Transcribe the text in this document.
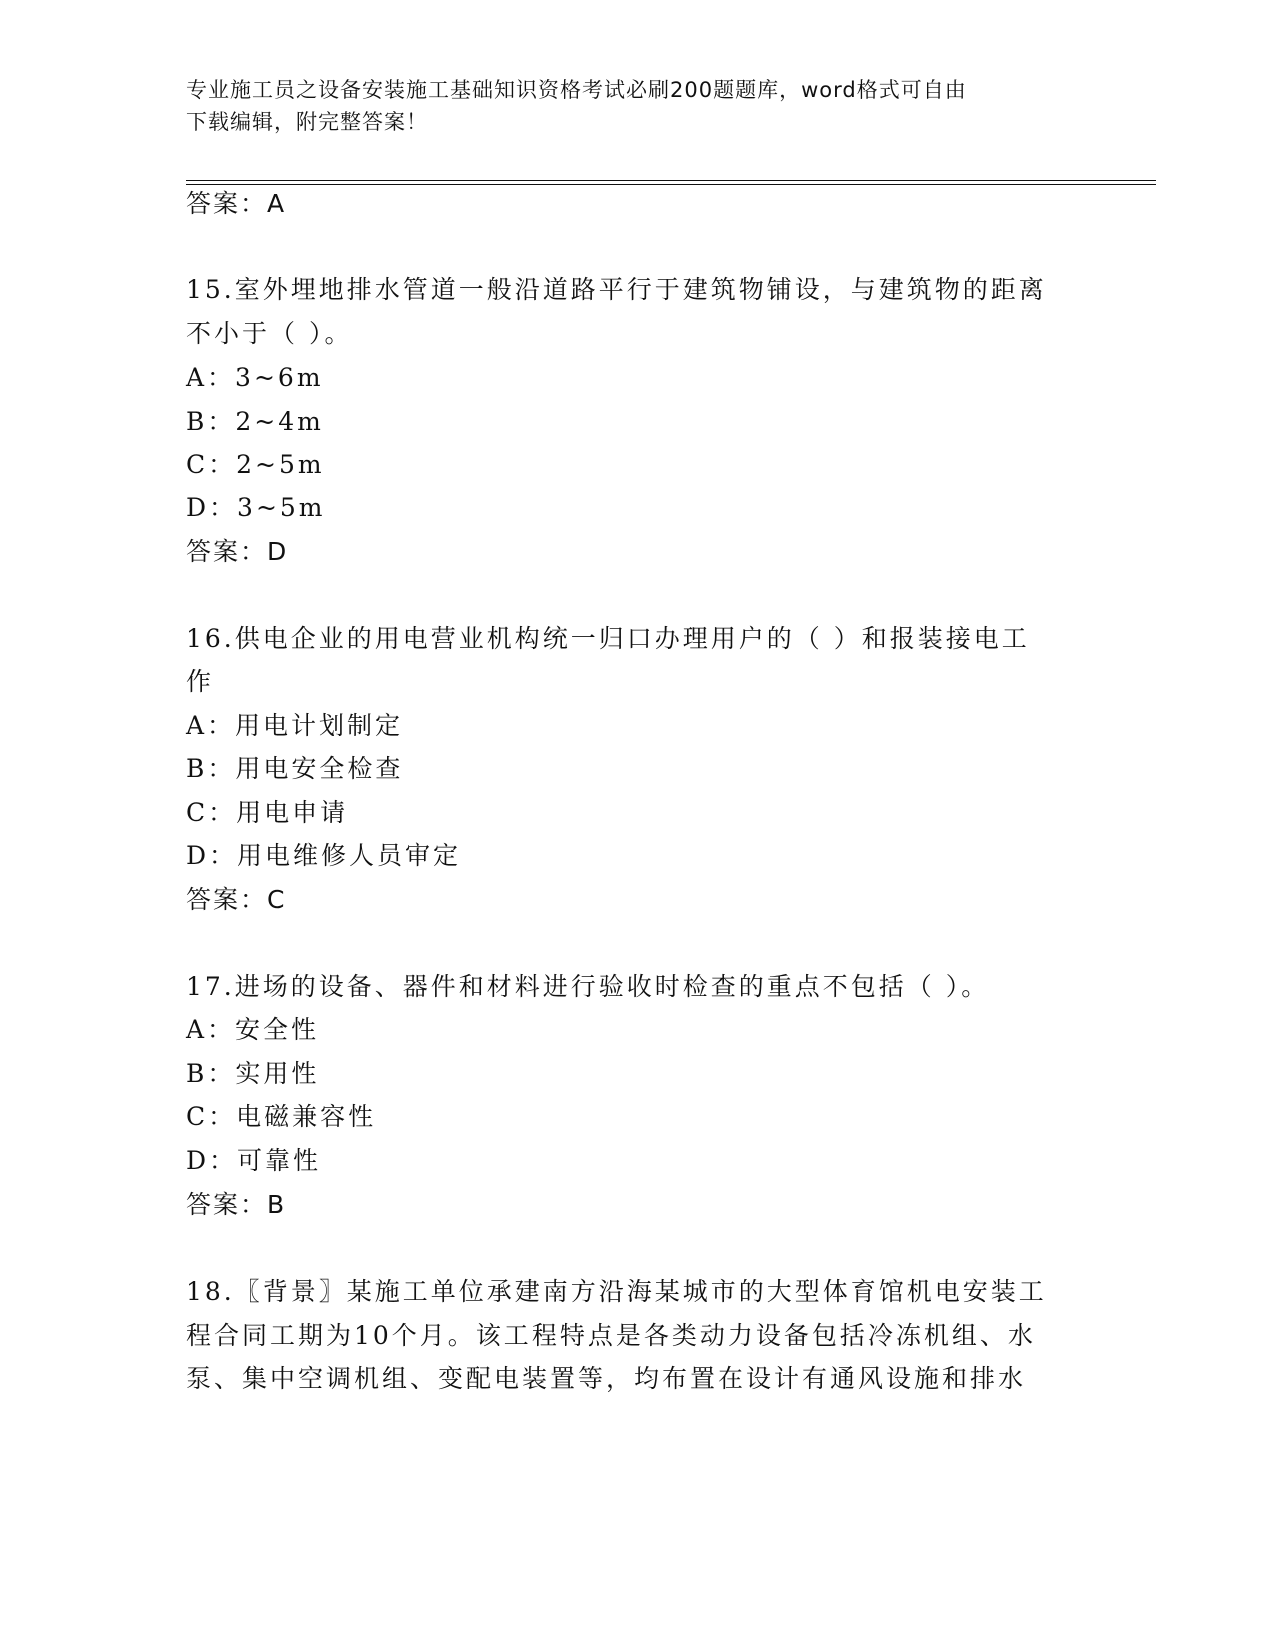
专业施工员之设备安装施工基础知识资格考试必刷200题题库，word格式可自由
下载编辑，附完整答案！
答案：A
15.室外埋地排水管道一般沿道路平行于建筑物铺设，与建筑物的距离
不小于（ ）。
A：3~6m
B：2~4m
C：2~5m
D：3~5m
答案：D
16.供电企业的用电营业机构统一归口办理用户的（ ）和报装接电工
作
A：用电计划制定
B：用电安全检查
C：用电申请
D：用电维修人员审定
答案：C
17.进场的设备、器件和材料进行验收时检查的重点不包括（ ）。
A：安全性
B：实用性
C：电磁兼容性
D：可靠性
答案：B
18.〖背景〗某施工单位承建南方沿海某城市的大型体育馆机电安装工
程合同工期为10个月。该工程特点是各类动力设备包括冷冻机组、水
泵、集中空调机组、变配电装置等，均布置在设计有通风设施和排水
